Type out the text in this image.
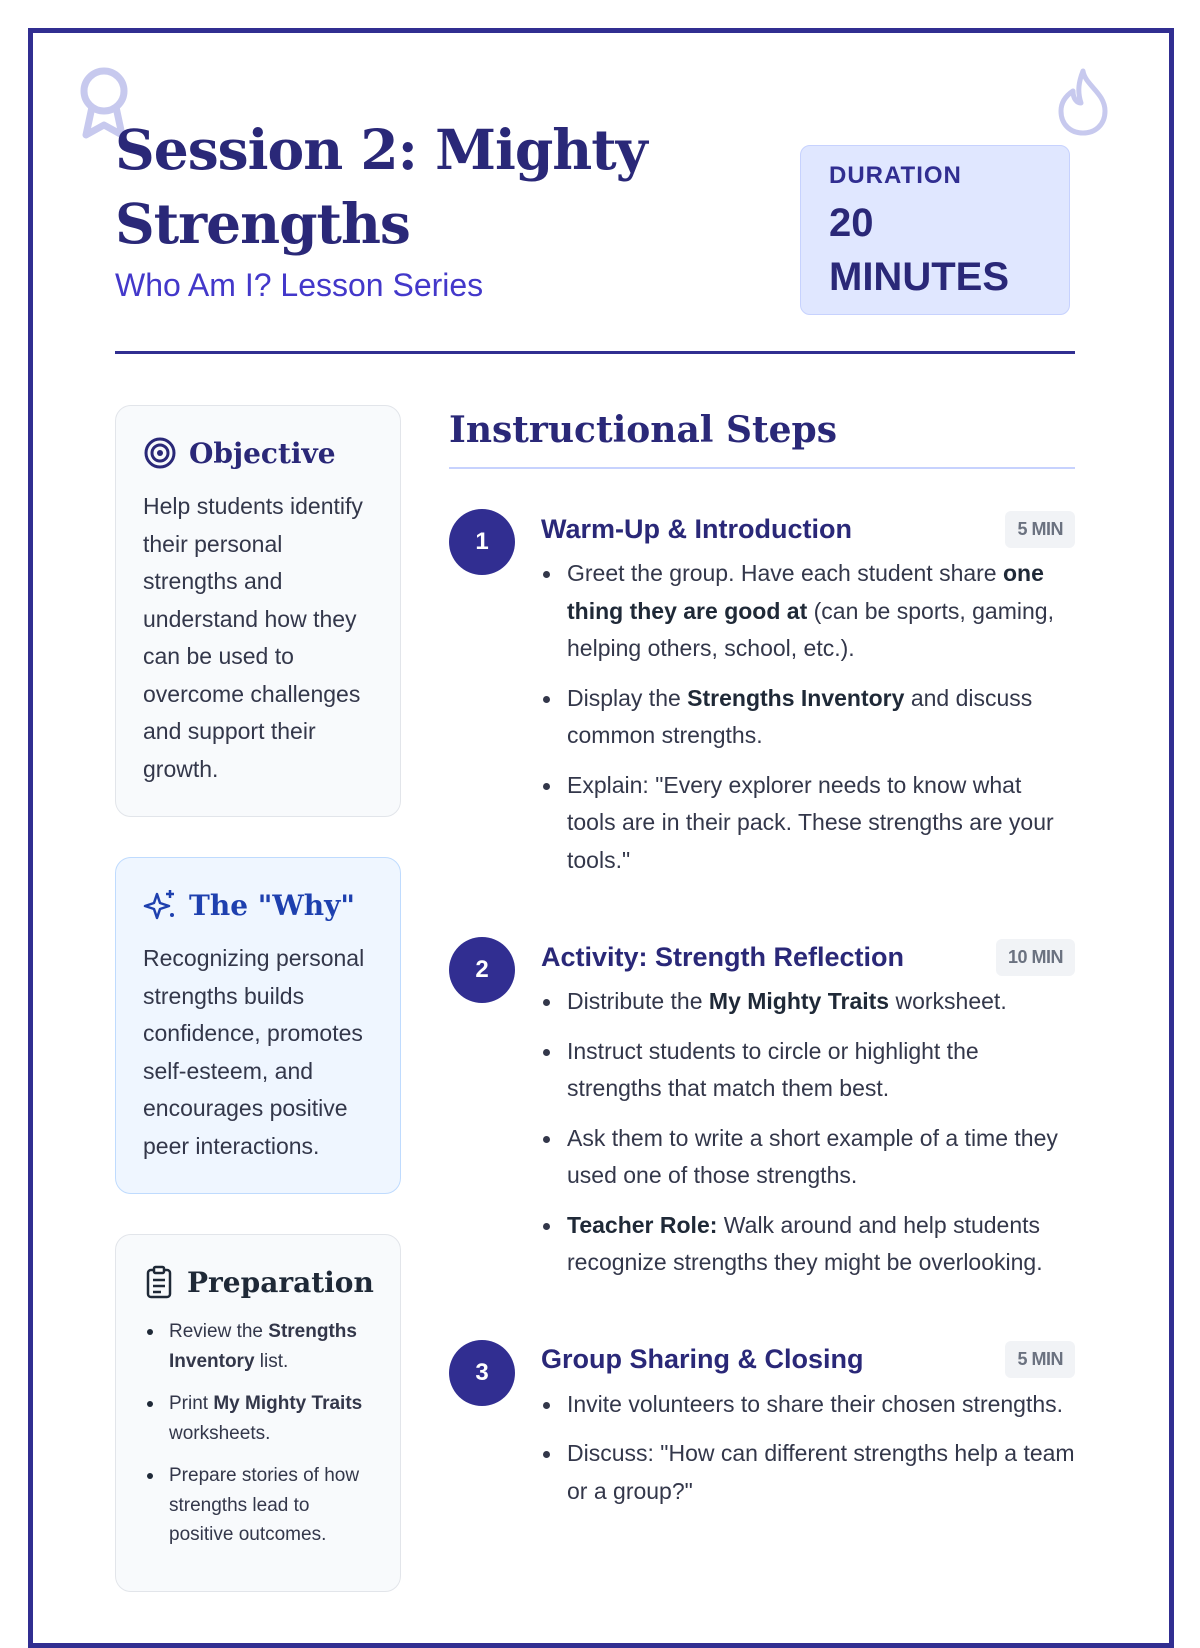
Session 2: Mighty Strengths
Who Am I? Lesson Series
DURATION
20 MINUTES
Objective

Help students identify their personal strengths and understand how they can be used to overcome challenges and support their growth.

The "Why"

Recognizing personal strengths builds confidence, promotes self-esteem, and encourages positive peer interactions.

Preparation
Review the Strengths Inventory list.
Print My Mighty Traits worksheets.
Prepare stories of how strengths lead to positive outcomes.
Instructional Steps
1	Warm-Up & Introduction	5 MIN
Greet the group. Have each student share one thing they are good at (can be sports, gaming, helping others, school, etc.).
Display the Strengths Inventory and discuss common strengths.
Explain: "Every explorer needs to know what tools are in their pack. These strengths are your tools."
2	Activity: Strength Reflection	10 MIN
Distribute the My Mighty Traits worksheet.
Instruct students to circle or highlight the strengths that match them best.
Ask them to write a short example of a time they used one of those strengths.
Teacher Role: Walk around and help students recognize strengths they might be overlooking.
3	Group Sharing & Closing	5 MIN
Invite volunteers to share their chosen strengths.
Discuss: "How can different strengths help a team or a group?"
